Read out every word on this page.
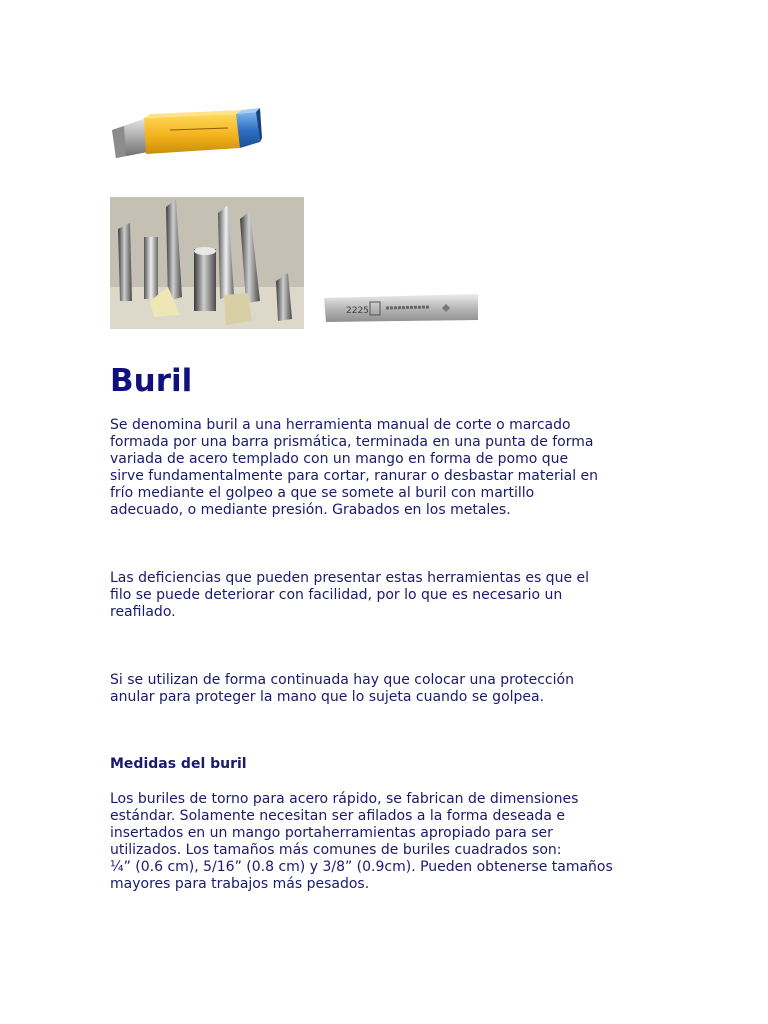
2225
Buril

Se denomina buril a una herramienta manual de corte o marcado
formada por una barra prismática, terminada en una punta de forma
variada de acero templado con un mango en forma de pomo que
sirve fundamentalmente para cortar, ranurar o desbastar material en
frío mediante el golpeo a que se somete al buril con martillo
adecuado, o mediante presión. Grabados en los metales.

Las deficiencias que pueden presentar estas herramientas es que el
filo se puede deteriorar con facilidad, por lo que es necesario un
reafilado.

Si se utilizan de forma continuada hay que colocar una protección
anular para proteger la mano que lo sujeta cuando se golpea.

Medidas del buril

Los buriles de torno para acero rápido, se fabrican de dimensiones
estándar. Solamente necesitan ser afilados a la forma deseada e
insertados en un mango portaherramientas apropiado para ser
utilizados. Los tamaños más comunes de buriles cuadrados son:
¼” (0.6 cm), 5/16” (0.8 cm) y 3/8” (0.9cm). Pueden obtenerse tamaños
mayores para trabajos más pesados.
